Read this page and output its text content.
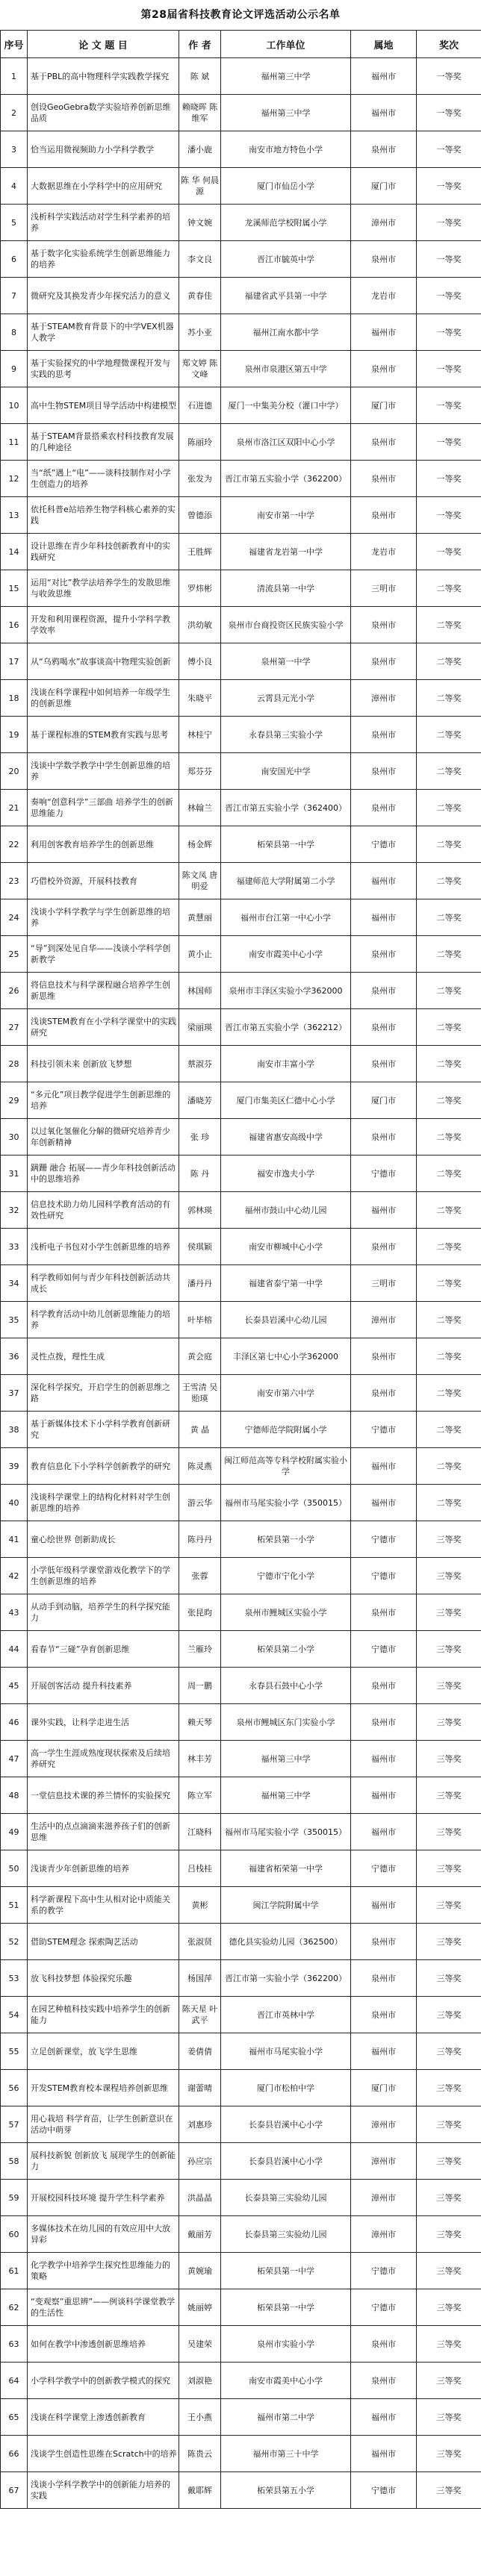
第28届省科技教育论文评选活动公示名单
序号	论 文 题 目	作 者	工作单位	属地	奖次

1	基于PBL的高中物理科学实践教学探究	陈 斌	福州第三中学	福州市	一等奖

2	创设GeoGebra数学实验培养创新思维品质	赖晓晖 陈维军	福州第三中学	福州市	一等奖

3	恰当运用微视频助力小学科学教学	潘小鹿	南安市地方特色小学	泉州市	一等奖

4	大数据思维在小学科学中的应用研究	陈 华 何晨源	厦门市仙岳小学	厦门市	一等奖

5	浅析科学实践活动对学生科学素养的培养	钟文婉	龙溪师范学校附属小学	漳州市	一等奖

6	基于数字化实验系统学生创新思维能力的培养	李文良	晋江市毓英中学	泉州市	一等奖

7	微研究及其换发青少年探究活力的意义	黄春佳	福建省武平县第一中学	龙岩市	一等奖

8	基于STEAM教育背景下的中学VEX机器人教学	苏小亚	福州江南水都中学	福州市	一等奖

9	基于实验探究的中学地理微课程开发与实践的思考	郑文婷 陈文峰	泉州市泉港区第五中学	泉州市	一等奖

10	高中生物STEM项目导学活动中构建模型	石进德	厦门一中集美分校（灌口中学）	厦门市	一等奖

11	基于STEAM背景搭乘农村科技教育发展的几种途径	陈丽玲	泉州市洛江区双阳中心小学	泉州市	一等奖

12	当“纸”遇上“电”——谈科技制作对小学生创造力的培养	张发为	晋江市第五实验小学（362200）	泉州市	一等奖

13	依托科普e站培养生物学科核心素养的实践	曾德添	南安市第一中学	泉州市	一等奖

14	设计思维在青少年科技创新教育中的实践研究	王胜辉	福建省龙岩第一中学	龙岩市	一等奖

15	运用“对比”教学法培养学生的发散思维与收敛思维	罗炜彬	清流县第一中学	三明市	二等奖

16	开发和利用课程资源，提升小学科学教学效率	洪幼敏	泉州市台商投资区民族实验小学	泉州市	二等奖

17	从“乌鸦喝水”故事谈高中物理实验创新	傅小良	泉州第一中学	泉州市	二等奖

18	浅谈在科学课程中如何培养一年级学生的创新思维	朱晓平	云霄县元光小学	漳州市	二等奖

19	基于课程标准的STEM教育实践与思考	林桂宁	永春县第三实验小学	泉州市	二等奖

20	浅谈中学数学教学中学生创新思维的培养	郑芬芬	南安国光中学	泉州市	二等奖

21	奏响“创意科学”三部曲 培养学生的创新思维能力	林翰兰	晋江市第五实验小学（362400）	泉州市	二等奖

22	利用创客教育培养学生的创新思维	杨金辉	柘荣县第一中学	宁德市	二等奖

23	巧借校外资源，开展科技教育	陈文凤 唐明爱	福建师范大学附属第二小学	福州市	二等奖

24	浅谈小学科学教学与学生创新思维的培养	黄慧丽	福州市台江第一中心小学	福州市	二等奖

25	“导”到深处见自华——浅谈小学科学创新教学	黄小止	南安市霞美中心小学	泉州市	二等奖

26	将信息技术与科学课程融合培养学生创新思维	林国师	泉州市丰泽区实验小学362000	泉州市	二等奖

27	浅谈STEM教育在小学科学课堂中的实践研究	梁丽瑛	晋江市第五实验小学（362212）	泉州市	二等奖

28	科技引领未来 创新放飞梦想	蔡淑芬	南安市丰富小学	泉州市	二等奖

29	“多元化”项目教学促进学生创新思维的培养	潘晓芳	厦门市集美区仁德中心小学	厦门市	二等奖

30	以过氧化氢催化分解的微研究培养青少年创新精神	张 珍	福建省惠安高级中学	泉州市	二等奖

31	蹒跚 融合 拓展——青少年科技创新活动中的思维培养	陈 丹	福安市逸夫小学	宁德市	二等奖

32	信息技术助力幼儿园科学教育活动的有效性研究	郭林瑛	福州市鼓山中心幼儿园	福州市	二等奖

33	浅析电子书包对小学生创新思维的培养	侯琪颖	南安市柳城中心小学	泉州市	二等奖

34	科学教师如何与青少年科技创新活动共成长	潘丹丹	福建省泰宁第一中学	三明市	二等奖

35	科学教育活动中幼儿创新思维能力的培养	叶毕榕	长泰县岩溪中心幼儿园	漳州市	二等奖

36	灵性点拨，理性生成	黄会庭	丰泽区第七中心小学362000	泉州市	二等奖

37	深化科学探究，开启学生的创新思维之路	王雪清 吴贻瑛	南安市第六中学	泉州市	二等奖

38	基于新媒体技术下小学科学教育创新研究	黄 晶	宁德师范学院附属小学	宁德市	二等奖

39	教育信息化下小学科学创新教学的研究	陈灵燕	闽江师范高等专科学校附属实验小学	福州市	二等奖

40	浅谈科学课堂上的结构化材料对学生创新思维的培养	游云华	福州市马尾实验小学（350015）	福州市	二等奖

41	童心绘世界 创新助成长	陈丹丹	柘荣县第一小学	宁德市	三等奖

42	小学低年级科学课堂游戏化教学下的学生创新思维的培养	张蓉	宁德市宁化小学	宁德市	三等奖

43	从动手到动脑，培养学生的科学探究能力	张昆昀	泉州市鲤城区实验小学	泉州市	三等奖

44	看春节“三碰”孕育创新思维	兰雁玲	柘荣县第二小学	宁德市	三等奖

45	开展创客活动 提升科技素养	周一鹏	永春县石鼓中心小学	泉州市	三等奖

46	课外实践，让科学走进生活	赖天琴	泉州市鲤城区东门实验小学	泉州市	三等奖

47	高一学生生涯成熟度现状探索及后续培养研究	林丰芳	福州第三中学	福州市	三等奖

48	一堂信息技术课的养兰情怀的实验探究	陈立军	福州第三中学	福州市	三等奖

49	生活中的点点滴滴来滋养孩子们的创新思维	江晓科	福州市马尾实验小学（350015）	福州市	三等奖

50	浅谈青少年创新思维的培养	吕栈桂	福建省柘荣第一中学	宁德市	三等奖

51	科学新课程下高中生从相对论中质能关系的教学	黄彬	闽江学院附属中学	福州市	三等奖

52	借助STEM理念 探索陶艺活动	张淑贤	德化县实验幼儿园（362500）	泉州市	三等奖

53	放飞科技梦想 体验探究乐趣	杨国萍	晋江市第一实验小学（362200）	泉州市	三等奖

54	在园艺种植科技实践中培养学生的创新能力	陈天星 叶武平	晋江市英林中学	泉州市	三等奖

55	立足创新课堂，放飞学生思维	姜倩倩	福州市马尾实验小学	福州市	三等奖

56	开发STEM教育校本课程培养创新思维	谢蕾晴	厦门市松柏中学	厦门市	三等奖

57	用心栽培 科学育苗，让学生创新意识在活动中萌芽	刘惠珍	长泰县岩溪中心小学	漳州市	三等奖

58	展科技新貌 创新放飞 展现学生的创新能力	孙应宗	长泰县岩溪中心小学	漳州市	三等奖

59	开展校园科技环境 提升学生科学素养	洪晶晶	长泰县第三实验幼儿园	漳州市	三等奖

60	多媒体技术在幼儿园的有效应用中大放异彩	戴丽芳	长泰县第三实验幼儿园	漳州市	三等奖

61	化学教学中培养学生探究性思维能力的策略	黄婉瑜	柘荣县第一中学	宁德市	三等奖

62	“变观察”重思辨”——例谈科学课堂教学的生活性	姚丽婷	柘荣县第一中学	宁德市	三等奖

63	如何在教学中渗透创新思维培养	吴建荣	泉州市实验小学	泉州市	三等奖

64	小学科学教学中的创新教学模式的探究	刘淑艳	南安市霞美中心小学	泉州市	三等奖

65	浅谈在科学课堂上渗透创新教育	王小燕	福州市第二中学	福州市	三等奖

66	浅谈学生创造性思维在Scratch中的培养	陈贵云	福州市第三十中学	福州市	三等奖

67	浅谈小学科学教学中的创新能力培养的实践	戴耶辉	柘荣县第五小学	宁德市	三等奖
